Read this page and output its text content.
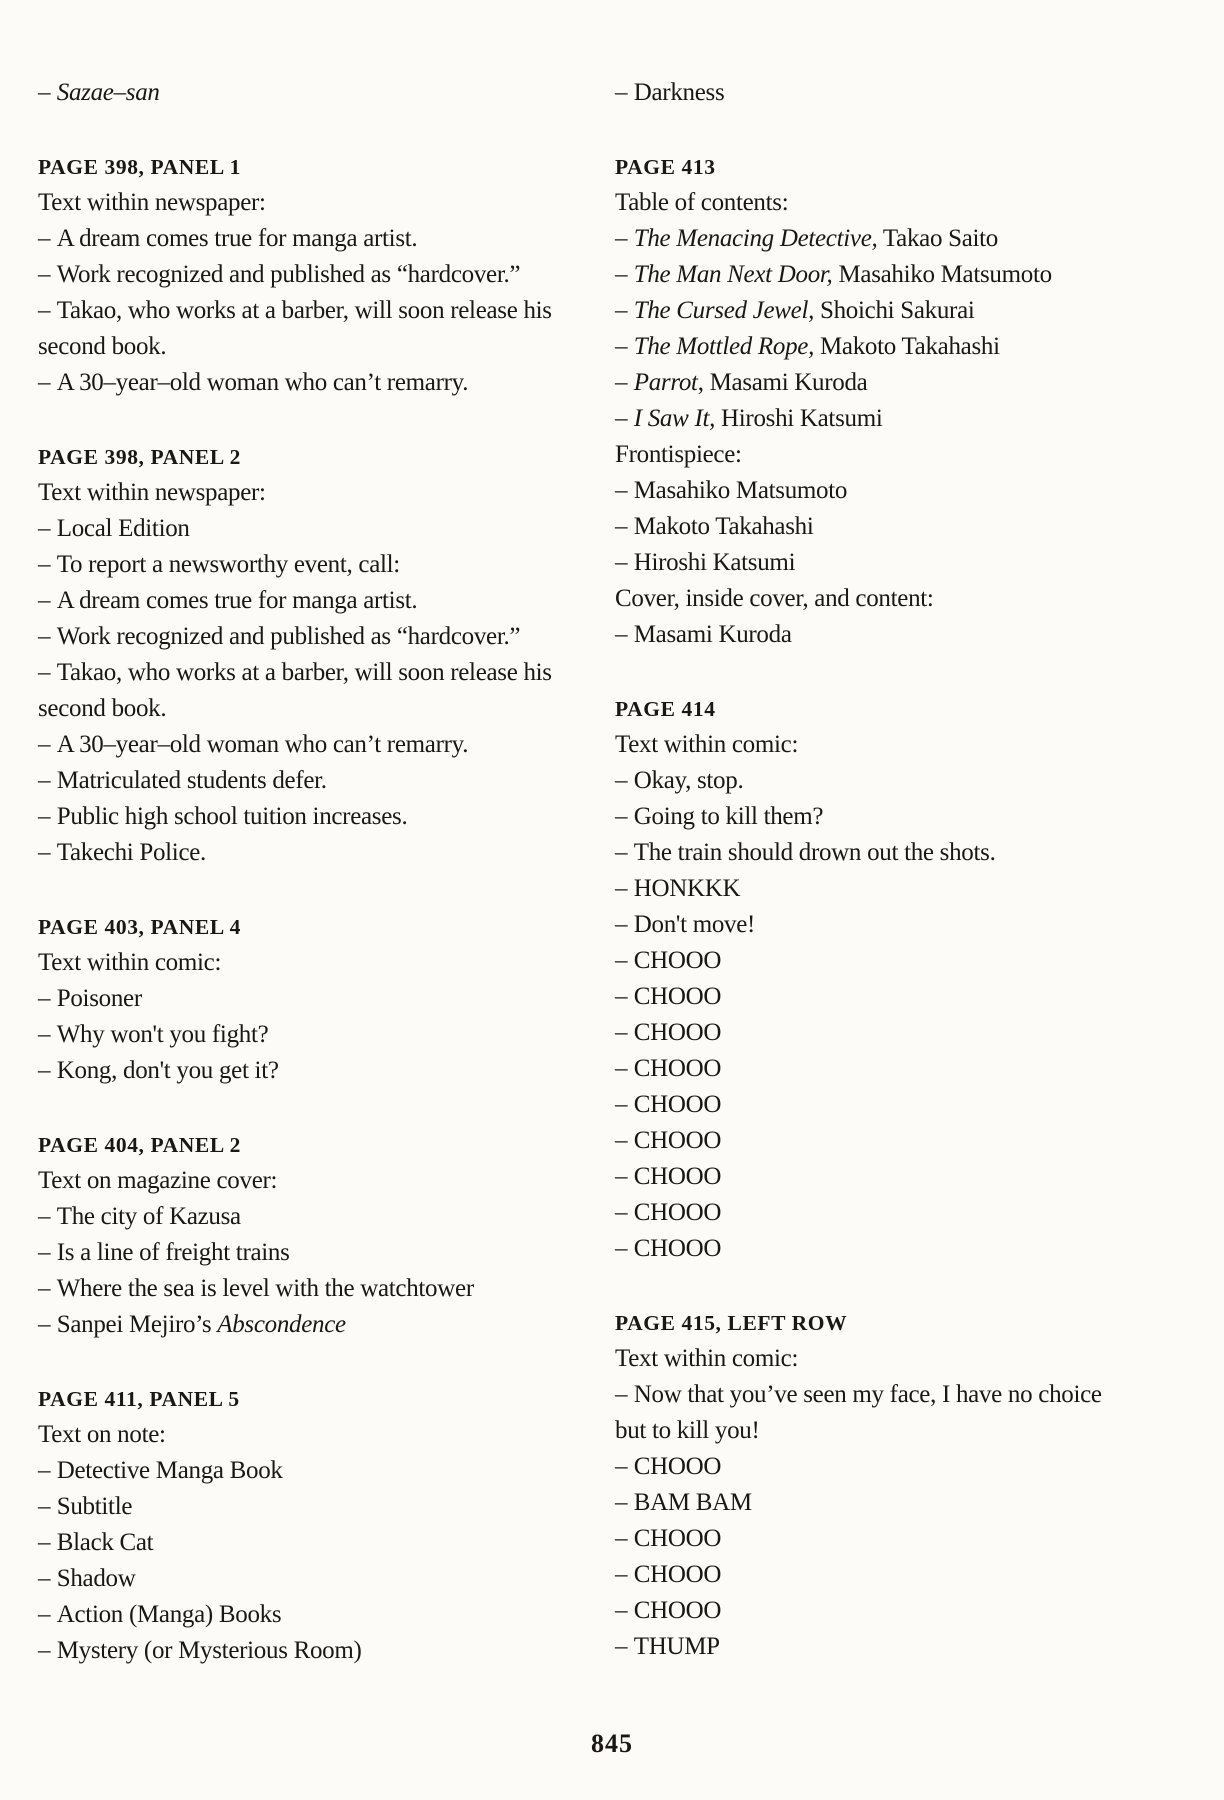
– Sazae–san
PAGE 398, PANEL 1
Text within newspaper:
– A dream comes true for manga artist.
– Work recognized and published as “hardcover.”
– Takao, who works at a barber, will soon release his
second book.
– A 30–year–old woman who can’t remarry.
PAGE 398, PANEL 2
Text within newspaper:
– Local Edition
– To report a newsworthy event, call:
– A dream comes true for manga artist.
– Work recognized and published as “hardcover.”
– Takao, who works at a barber, will soon release his
second book.
– A 30–year–old woman who can’t remarry.
– Matriculated students defer.
– Public high school tuition increases.
– Takechi Police.
PAGE 403, PANEL 4
Text within comic:
– Poisoner
– Why won't you fight?
– Kong, don't you get it?
PAGE 404, PANEL 2
Text on magazine cover:
– The city of Kazusa
– Is a line of freight trains
– Where the sea is level with the watchtower
– Sanpei Mejiro’s Abscondence
PAGE 411, PANEL 5
Text on note:
– Detective Manga Book
– Subtitle
– Black Cat
– Shadow
– Action (Manga) Books
– Mystery (or Mysterious Room)
– Darkness
PAGE 413
Table of contents:
– The Menacing Detective, Takao Saito
– The Man Next Door, Masahiko Matsumoto
– The Cursed Jewel, Shoichi Sakurai
– The Mottled Rope, Makoto Takahashi
– Parrot, Masami Kuroda
– I Saw It, Hiroshi Katsumi
Frontispiece:
– Masahiko Matsumoto
– Makoto Takahashi
– Hiroshi Katsumi
Cover, inside cover, and content:
– Masami Kuroda
PAGE 414
Text within comic:
– Okay, stop.
– Going to kill them?
– The train should drown out the shots.
– HONKKK
– Don't move!
– CHOOO
– CHOOO
– CHOOO
– CHOOO
– CHOOO
– CHOOO
– CHOOO
– CHOOO
– CHOOO
PAGE 415, LEFT ROW
Text within comic:
– Now that you’ve seen my face, I have no choice
but to kill you!
– CHOOO
– BAM BAM
– CHOOO
– CHOOO
– CHOOO
– THUMP
845
